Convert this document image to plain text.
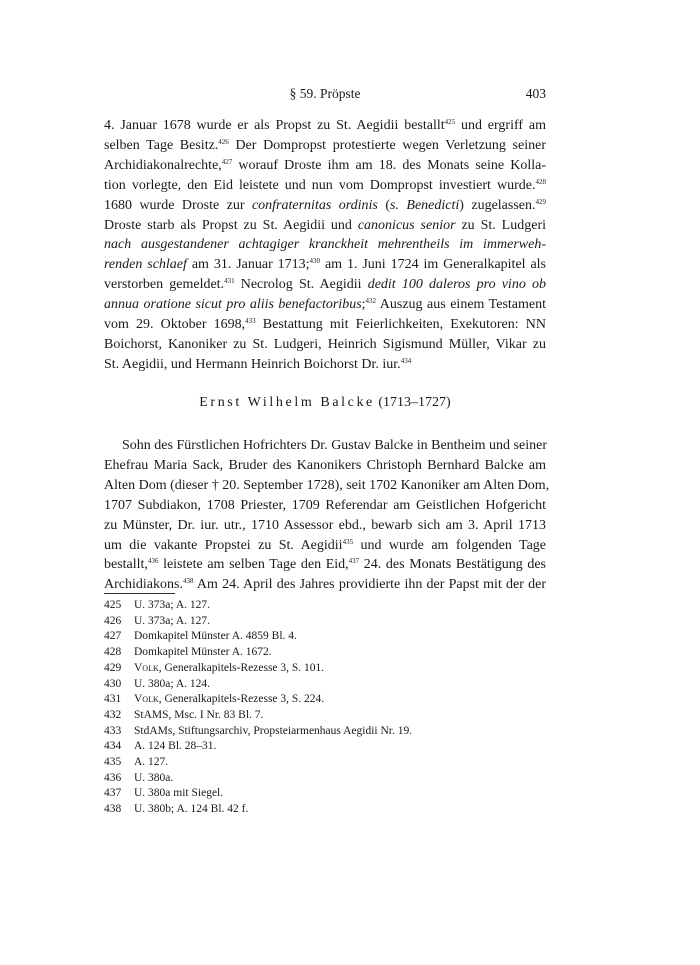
§ 59. Pröpste	403
4. Januar 1678 wurde er als Propst zu St. Aegidii bestallt$^{425}$ und ergriff am
selben Tage Besitz.$^{426}$ Der Dompropst protestierte wegen Verletzung seiner
Archidiakonalrechte,$^{427}$ worauf Droste ihm am 18. des Monats seine Kolla-
tion vorlegte, den Eid leistete und nun vom Dompropst investiert wurde.$^{428}$
1680 wurde Droste zur confraternitas ordinis (s. Benedicti) zugelassen.$^{429}$
Droste starb als Propst zu St. Aegidii und canonicus senior zu St. Ludgeri
nach ausgestandener achtagiger kranckheit mehrentheils im immerweh-
renden schlaef am 31. Januar 1713;$^{430}$ am 1. Juni 1724 im Generalkapitel als
verstorben gemeldet.$^{431}$ Necrolog St. Aegidii dedit 100 daleros pro vino ob
annua oratione sicut pro aliis benefactoribus;$^{432}$ Auszug aus einem Testament
vom 29. Oktober 1698,$^{433}$ Bestattung mit Feierlichkeiten, Exekutoren: NN
Boichorst, Kanoniker zu St. Ludgeri, Heinrich Sigismund Müller, Vikar zu
St. Aegidii, und Hermann Heinrich Boichorst Dr. iur.$^{434}$
Ernst Wilhelm Balcke (1713–1727)
Sohn des Fürstlichen Hofrichters Dr. Gustav Balcke in Bentheim und seiner
Ehefrau Maria Sack, Bruder des Kanonikers Christoph Bernhard Balcke am
Alten Dom (dieser † 20. September 1728), seit 1702 Kanoniker am Alten Dom,
1707 Subdiakon, 1708 Priester, 1709 Referendar am Geistlichen Hofgericht
zu Münster, Dr. iur. utr., 1710 Assessor ebd., bewarb sich am 3. April 1713
um die vakante Propstei zu St. Aegidii$^{435}$ und wurde am folgenden Tage
bestallt,$^{436}$ leistete am selben Tage den Eid,$^{437}$ 24. des Monats Bestätigung des
Archidiakons.$^{438}$ Am 24. April des Jahres providierte ihn der Papst mit der der
425	U. 373a; A. 127.
426	U. 373a; A. 127.
427	Domkapitel Münster A. 4859 Bl. 4.
428	Domkapitel Münster A. 1672.
429	Volk, Generalkapitels-Rezesse 3, S. 101.
430	U. 380a; A. 124.
431	Volk, Generalkapitels-Rezesse 3, S. 224.
432	StAMS, Msc. I Nr. 83 Bl. 7.
433	StdAMs, Stiftungsarchiv, Propsteiarmenhaus Aegidii Nr. 19.
434	A. 124 Bl. 28–31.
435	A. 127.
436	U. 380a.
437	U. 380a mit Siegel.
438	U. 380b; A. 124 Bl. 42 f.
